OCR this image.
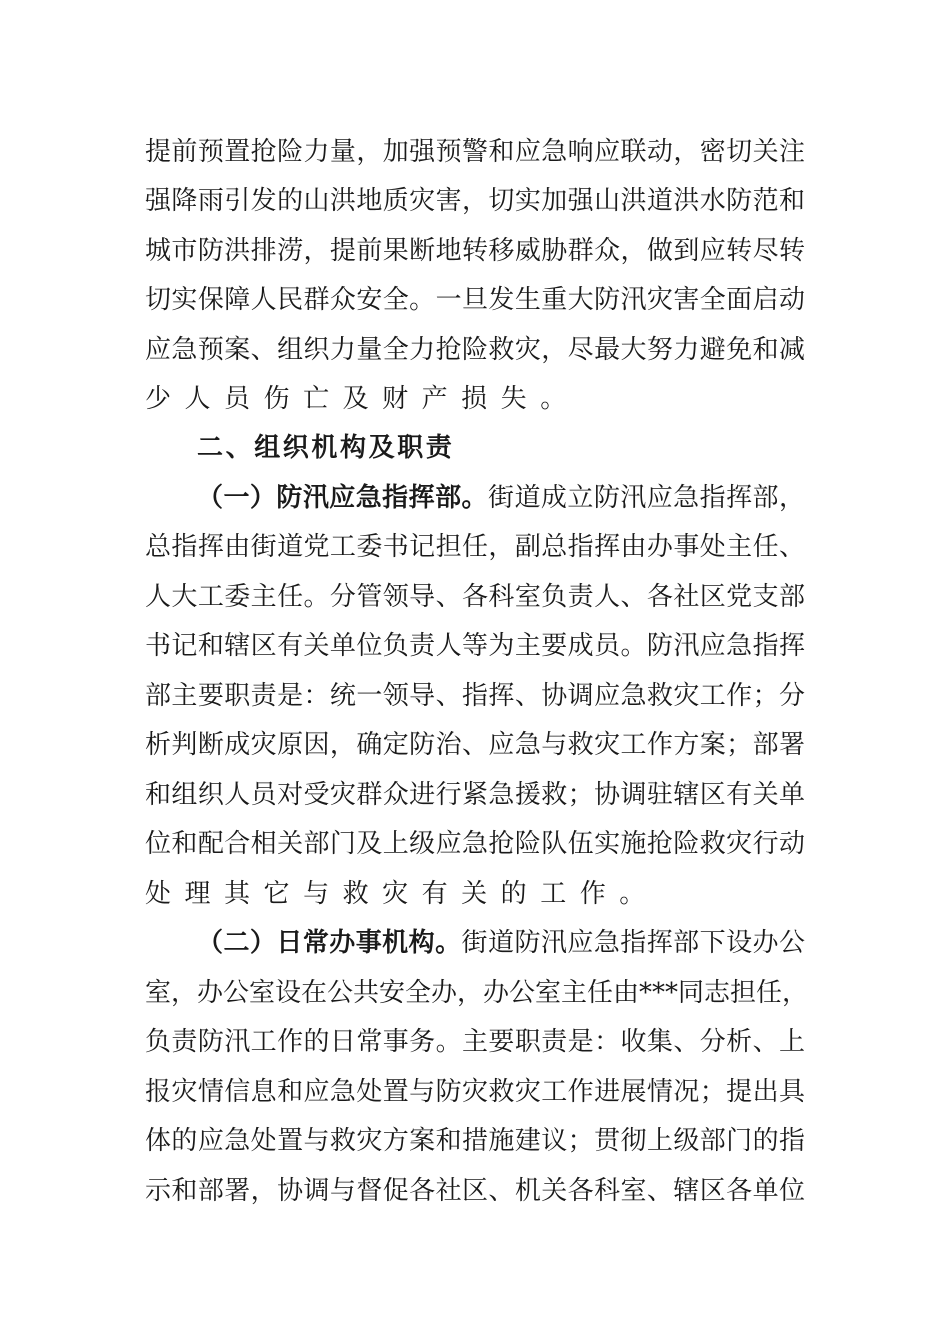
提前预置抢险力量，加强预警和应急响应联动，密切关注
强降雨引发的山洪地质灾害，切实加强山洪道洪水防范和
城市防洪排涝，提前果断地转移威胁群众，做到应转尽转
切实保障人民群众安全。一旦发生重大防汛灾害全面启动
应急预案、组织力量全力抢险救灾，尽最大努力避免和减
少人员伤亡及财产损失。
二、组织机构及职责
（一）防汛应急指挥部。街道成立防汛应急指挥部，
总指挥由街道党工委书记担任，副总指挥由办事处主任、
人大工委主任。分管领导、各科室负责人、各社区党支部
书记和辖区有关单位负责人等为主要成员。防汛应急指挥
部主要职责是：统一领导、指挥、协调应急救灾工作；分
析判断成灾原因，确定防治、应急与救灾工作方案；部署
和组织人员对受灾群众进行紧急援救；协调驻辖区有关单
位和配合相关部门及上级应急抢险队伍实施抢险救灾行动
处理其它与救灾有关的工作。
（二）日常办事机构。街道防汛应急指挥部下设办公
室，办公室设在公共安全办，办公室主任由***同志担任，
负责防汛工作的日常事务。主要职责是：收集、分析、上
报灾情信息和应急处置与防灾救灾工作进展情况；提出具
体的应急处置与救灾方案和措施建议；贯彻上级部门的指
示和部署，协调与督促各社区、机关各科室、辖区各单位
